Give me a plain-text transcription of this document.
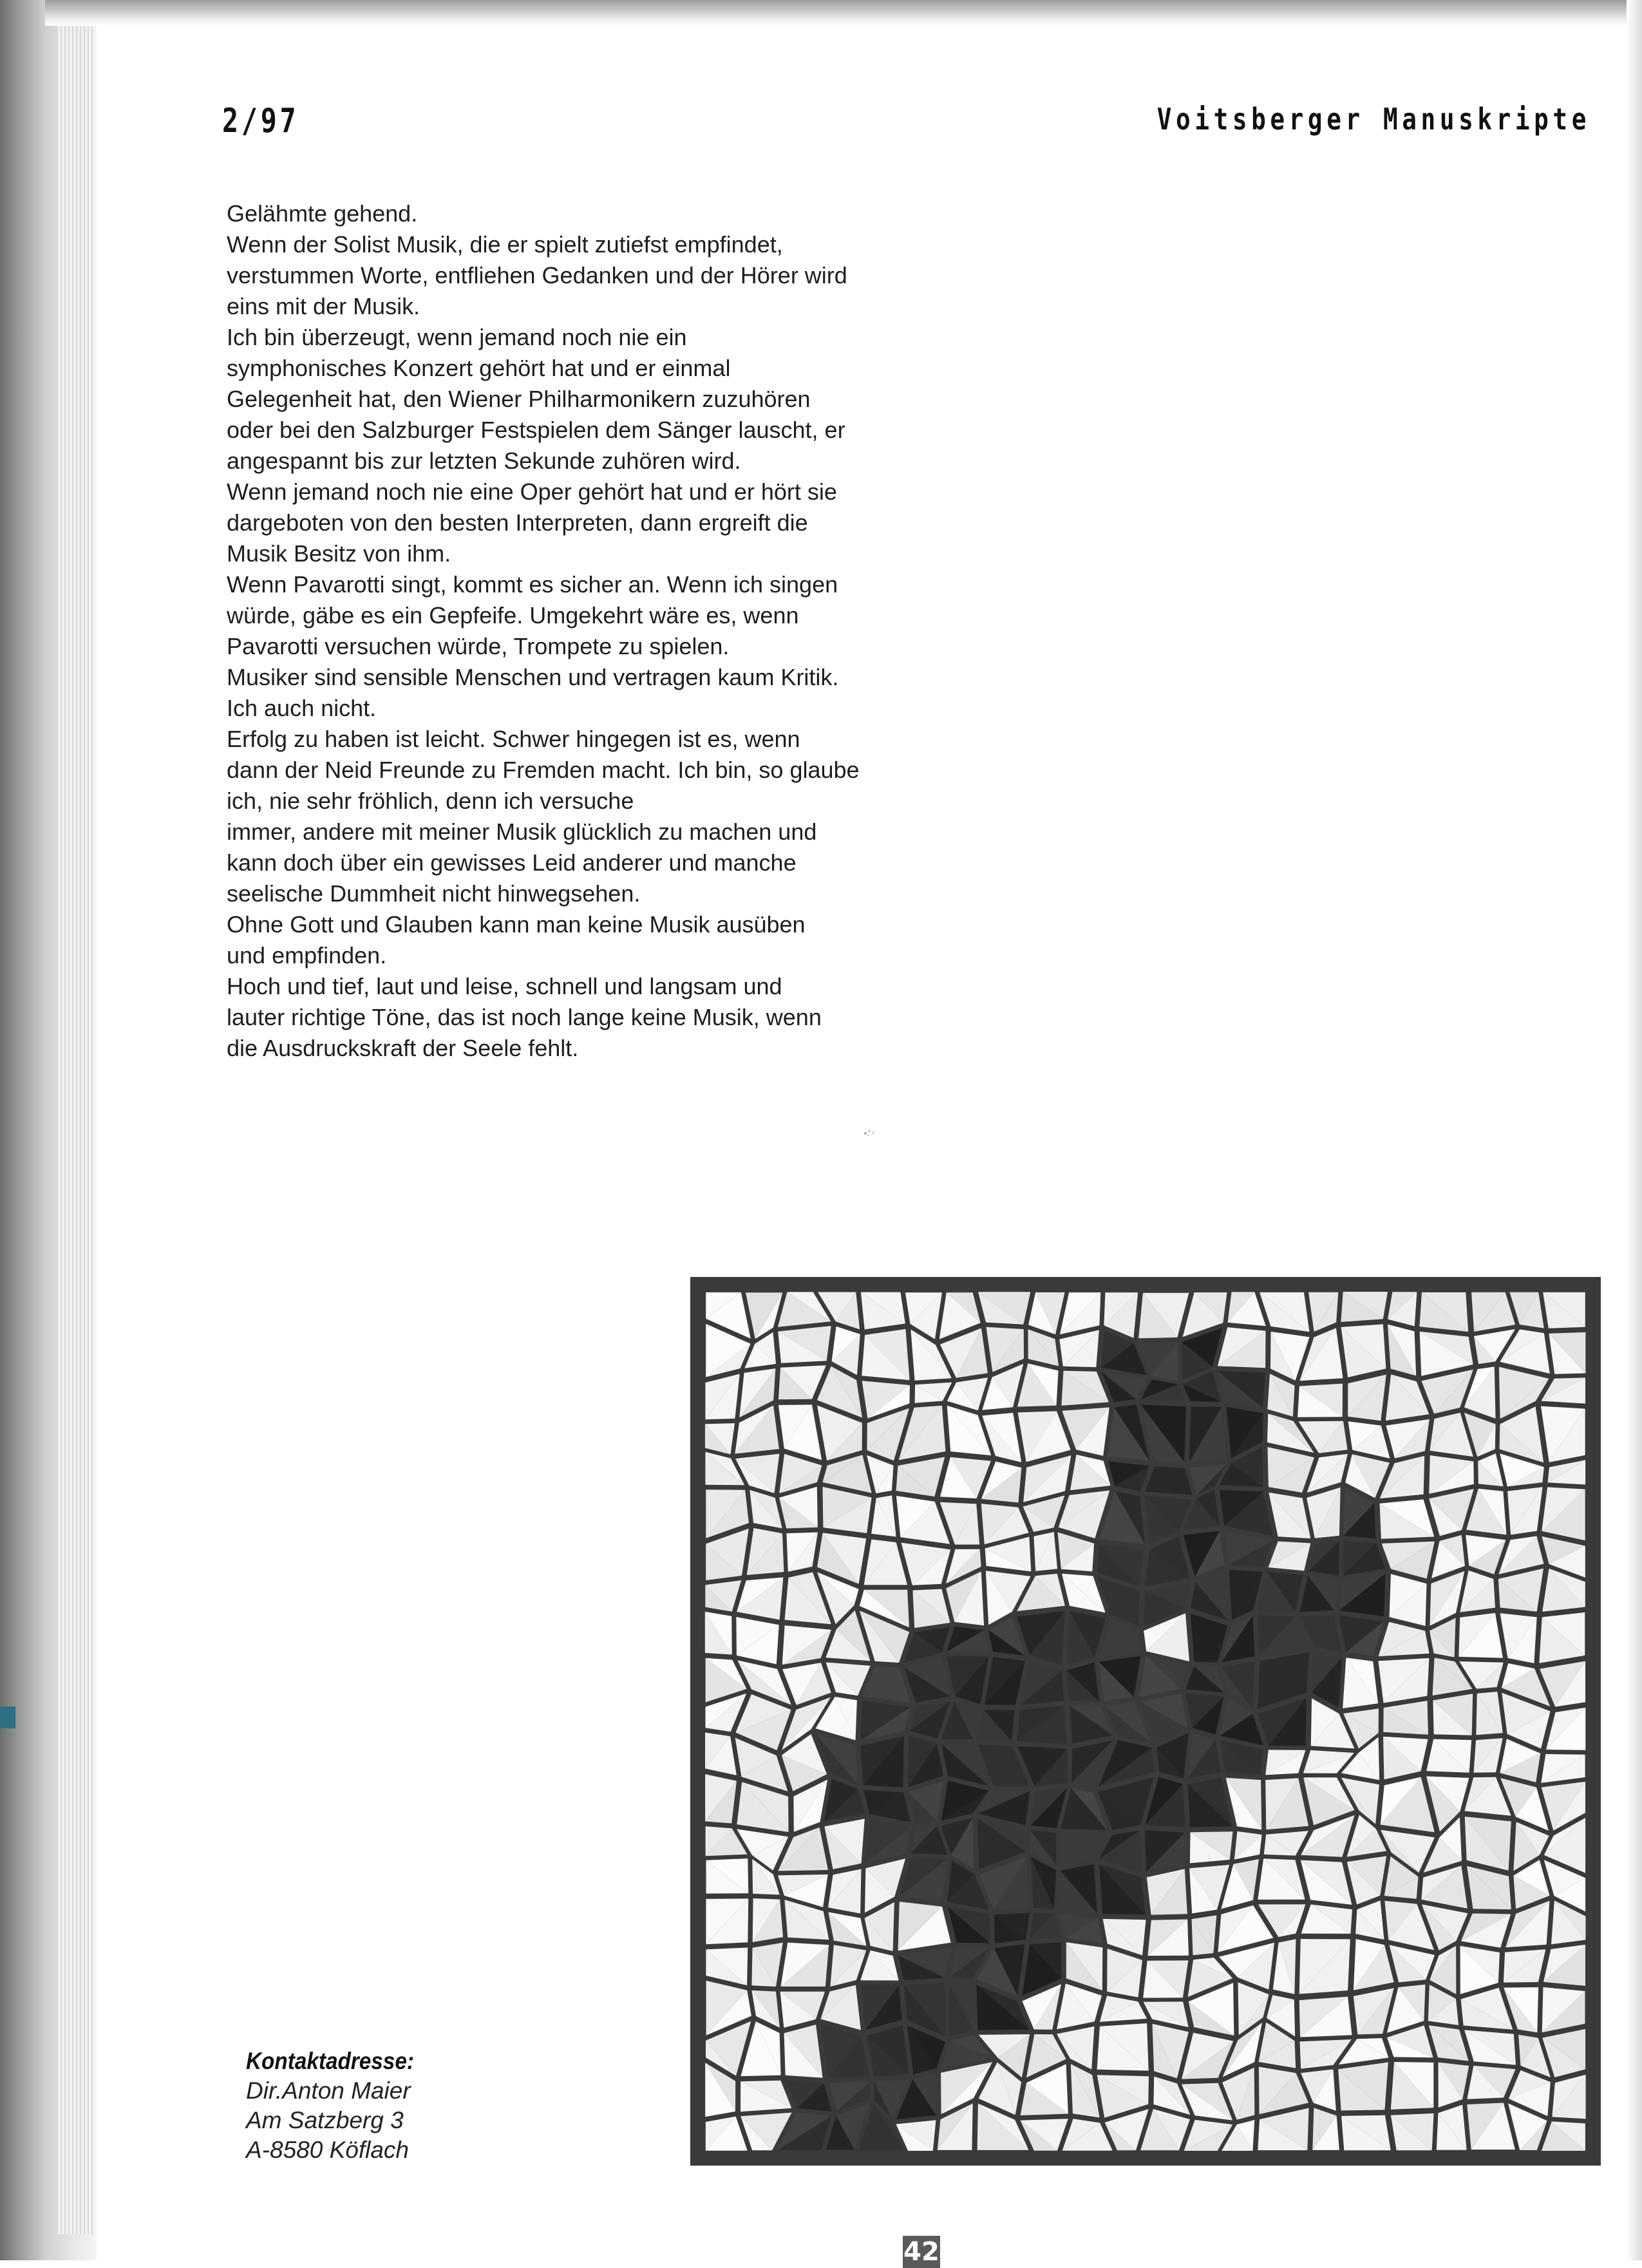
2/97	Voitsberger Manuskripte
Gelähmte gehend.
Wenn der Solist Musik, die er spielt zutiefst empfindet,
verstummen Worte, entfliehen Gedanken und der Hörer wird
eins mit der Musik.
Ich bin überzeugt, wenn jemand noch nie ein
symphonisches Konzert gehört hat und er einmal
Gelegenheit hat, den Wiener Philharmonikern zuzuhören
oder bei den Salzburger Festspielen dem Sänger lauscht, er
angespannt bis zur letzten Sekunde zuhören wird.
Wenn jemand noch nie eine Oper gehört hat und er hört sie
dargeboten von den besten Interpreten, dann ergreift die
Musik Besitz von ihm.
Wenn Pavarotti singt, kommt es sicher an. Wenn ich singen
würde, gäbe es ein Gepfeife. Umgekehrt wäre es, wenn
Pavarotti versuchen würde, Trompete zu spielen.
Musiker sind sensible Menschen und vertragen kaum Kritik.
Ich auch nicht.
Erfolg zu haben ist leicht. Schwer hingegen ist es, wenn
dann der Neid Freunde zu Fremden macht. Ich bin, so glaube
ich, nie sehr fröhlich, denn ich versuche
immer, andere mit meiner Musik glücklich zu machen und
kann doch über ein gewisses Leid anderer und manche
seelische Dummheit nicht hinwegsehen.
Ohne Gott und Glauben kann man keine Musik ausüben
und empfinden.
Hoch und tief, laut und leise, schnell und langsam und
lauter richtige Töne, das ist noch lange keine Musik, wenn
die Ausdruckskraft der Seele fehlt.
Kontaktadresse:
Dir.Anton Maier
Am Satzberg 3
A-8580 Köflach
42
